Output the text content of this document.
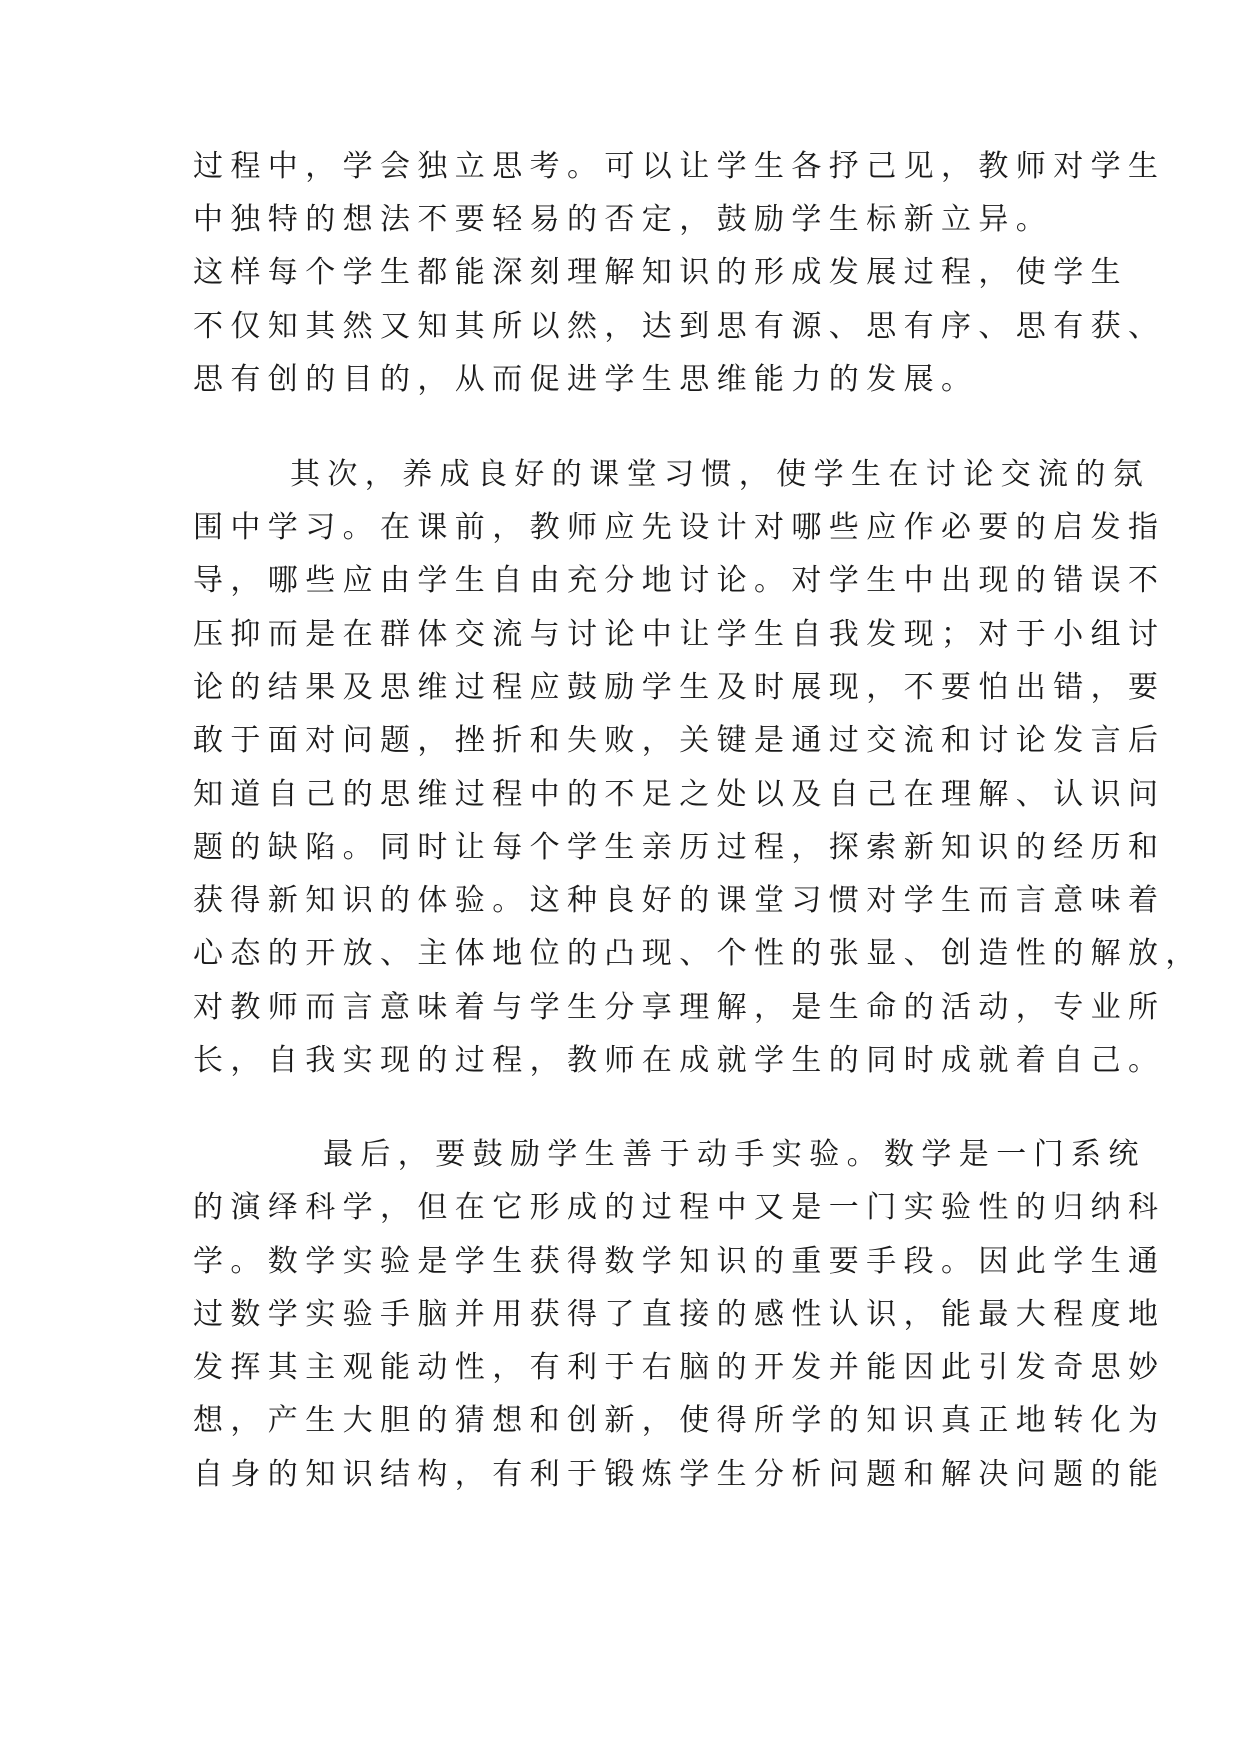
过程中，学会独立思考。可以让学生各抒己见，教师对学生
中独特的想法不要轻易的否定，鼓励学生标新立异。
这样每个学生都能深刻理解知识的形成发展过程，使学生
不仅知其然又知其所以然，达到思有源、思有序、思有获、
思有创的目的，从而促进学生思维能力的发展。
其次，养成良好的课堂习惯，使学生在讨论交流的氛
围中学习。在课前，教师应先设计对哪些应作必要的启发指
导，哪些应由学生自由充分地讨论。对学生中出现的错误不
压抑而是在群体交流与讨论中让学生自我发现；对于小组讨
论的结果及思维过程应鼓励学生及时展现，不要怕出错，要
敢于面对问题，挫折和失败，关键是通过交流和讨论发言后
知道自己的思维过程中的不足之处以及自己在理解、认识问
题的缺陷。同时让每个学生亲历过程，探索新知识的经历和
获得新知识的体验。这种良好的课堂习惯对学生而言意味着
心态的开放、主体地位的凸现、个性的张显、创造性的解放，
对教师而言意味着与学生分享理解，是生命的活动，专业所
长，自我实现的过程，教师在成就学生的同时成就着自己。
最后，要鼓励学生善于动手实验。数学是一门系统
的演绎科学，但在它形成的过程中又是一门实验性的归纳科
学。数学实验是学生获得数学知识的重要手段。因此学生通
过数学实验手脑并用获得了直接的感性认识，能最大程度地
发挥其主观能动性，有利于右脑的开发并能因此引发奇思妙
想，产生大胆的猜想和创新，使得所学的知识真正地转化为
自身的知识结构，有利于锻炼学生分析问题和解决问题的能
